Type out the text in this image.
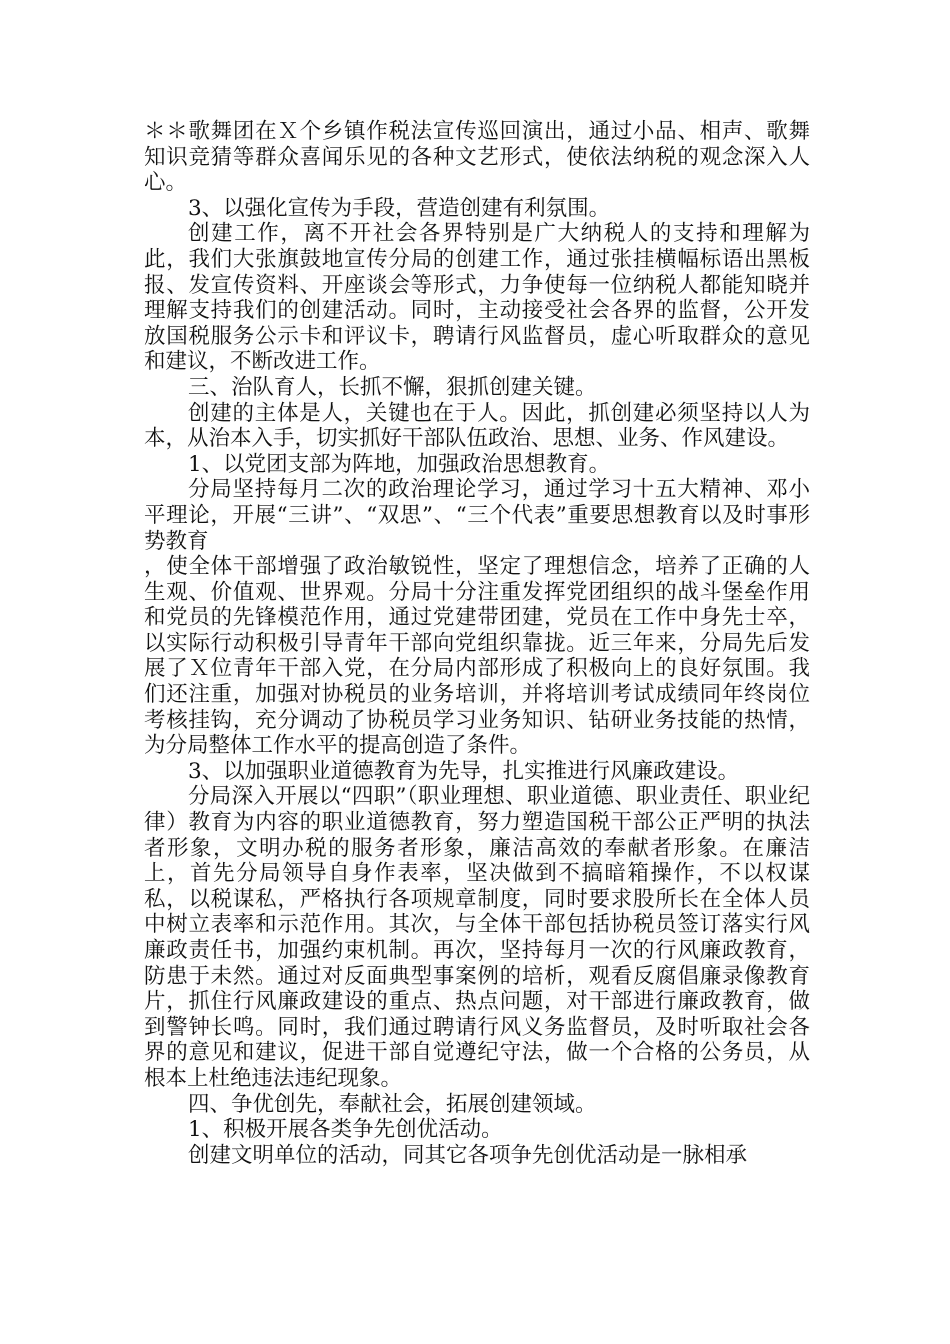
＊＊歌舞团在Ｘ个乡镇作税法宣传巡回演出，通过小品、相声、歌舞知识竞猜等群众喜闻乐见的各种文艺形式，使依法纳税的观念深入人心。

3、以强化宣传为手段，营造创建有利氛围。

创建工作，离不开社会各界特别是广大纳税人的支持和理解为此，我们大张旗鼓地宣传分局的创建工作，通过张挂横幅标语出黑板报、发宣传资料、开座谈会等形式，力争使每一位纳税人都能知晓并理解支持我们的创建活动。同时，主动接受社会各界的监督，公开发放国税服务公示卡和评议卡，聘请行风监督员，虚心听取群众的意见和建议，不断改进工作。

三、治队育人，长抓不懈，狠抓创建关键。

创建的主体是人，关键也在于人。因此，抓创建必须坚持以人为本，从治本入手，切实抓好干部队伍政治、思想、业务、作风建设。

1、以党团支部为阵地，加强政治思想教育。

分局坚持每月二次的政治理论学习，通过学习十五大精神、邓小平理论，开展“三讲”、“双思”、“三个代表”重要思想教育以及时事形势教育

，使全体干部增强了政治敏锐性，坚定了理想信念，培养了正确的人生观、价值观、世界观。分局十分注重发挥党团组织的战斗堡垒作用和党员的先锋模范作用，通过党建带团建，党员在工作中身先士卒，以实际行动积极引导青年干部向党组织靠拢。近三年来，分局先后发展了Ｘ位青年干部入党，在分局内部形成了积极向上的良好氛围。我们还注重，加强对协税员的业务培训，并将培训考试成绩同年终岗位考核挂钩，充分调动了协税员学习业务知识、钻研业务技能的热情，为分局整体工作水平的提高创造了条件。

3、以加强职业道德教育为先导，扎实推进行风廉政建设。

分局深入开展以“四职”（职业理想、职业道德、职业责任、职业纪律）教育为内容的职业道德教育，努力塑造国税干部公正严明的执法者形象，文明办税的服务者形象，廉洁高效的奉献者形象。在廉洁上，首先分局领导自身作表率，坚决做到不搞暗箱操作，不以权谋私，以税谋私，严格执行各项规章制度，同时要求股所长在全体人员中树立表率和示范作用。其次，与全体干部包括协税员签订落实行风廉政责任书，加强约束机制。再次，坚持每月一次的行风廉政教育，防患于未然。通过对反面典型事案例的培析，观看反腐倡廉录像教育片，抓住行风廉政建设的重点、热点问题，对干部进行廉政教育，做到警钟长鸣。同时，我们通过聘请行风义务监督员，及时听取社会各界的意见和建议，促进干部自觉遵纪守法，做一个合格的公务员，从根本上杜绝违法违纪现象。

四、争优创先，奉献社会，拓展创建领域。

1、积极开展各类争先创优活动。

创建文明单位的活动，同其它各项争先创优活动是一脉相承
